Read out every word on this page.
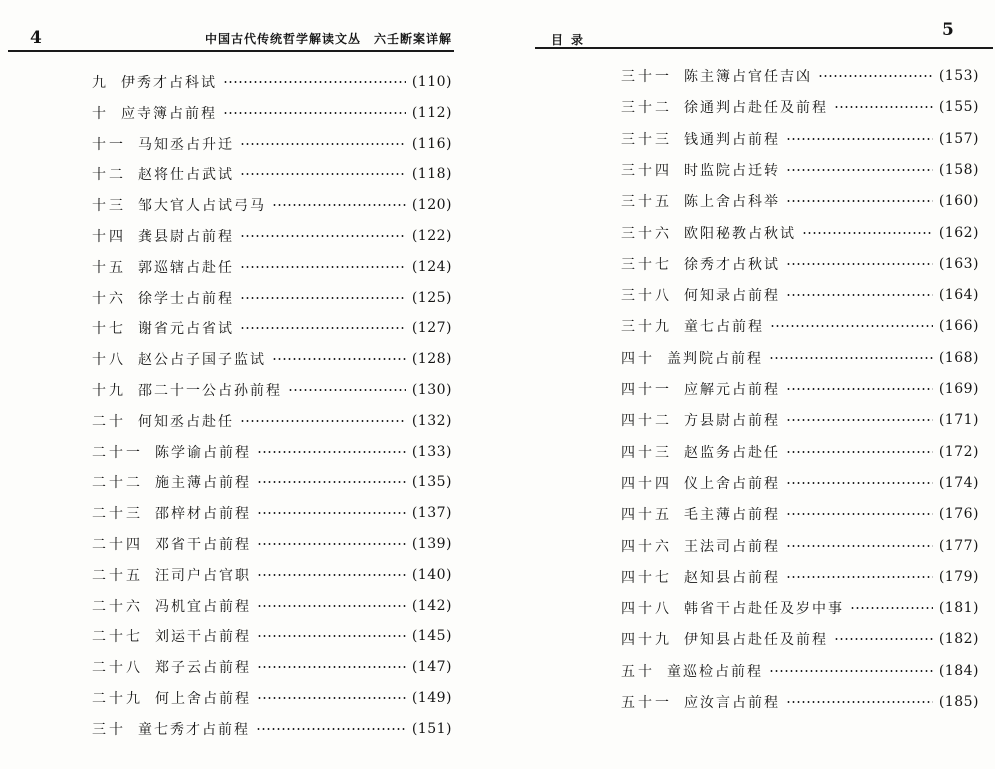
4	中国古代传统哲学解读文丛　六壬断案详解
九 伊秀才占科试	(110)
十 应寺簿占前程	(112)
十一 马知丞占升迁	(116)
十二 赵将仕占武试	(118)
十三 邹大官人占试弓马	(120)
十四 龚县尉占前程	(122)
十五 郭巡辖占赴任	(124)
十六 徐学士占前程	(125)
十七 谢省元占省试	(127)
十八 赵公占子国子监试	(128)
十九 邵二十一公占孙前程	(130)
二十 何知丞占赴任	(132)
二十一 陈学谕占前程	(133)
二十二 施主薄占前程	(135)
二十三 邵梓材占前程	(137)
二十四 邓省干占前程	(139)
二十五 汪司户占官职	(140)
二十六 冯机宜占前程	(142)
二十七 刘运干占前程	(145)
二十八 郑子云占前程	(147)
二十九 何上舍占前程	(149)
三十 童七秀才占前程	(151)
5
目录
三十一 陈主簿占官任吉凶	(153)
三十二 徐通判占赴任及前程	(155)
三十三 钱通判占前程	(157)
三十四 时监院占迁转	(158)
三十五 陈上舍占科举	(160)
三十六 欧阳秘教占秋试	(162)
三十七 徐秀才占秋试	(163)
三十八 何知录占前程	(164)
三十九 童七占前程	(166)
四十 盖判院占前程	(168)
四十一 应解元占前程	(169)
四十二 方县尉占前程	(171)
四十三 赵监务占赴任	(172)
四十四 仪上舍占前程	(174)
四十五 毛主薄占前程	(176)
四十六 王法司占前程	(177)
四十七 赵知县占前程	(179)
四十八 韩省干占赴任及岁中事	(181)
四十九 伊知县占赴任及前程	(182)
五十 童巡检占前程	(184)
五十一 应汝言占前程	(185)
